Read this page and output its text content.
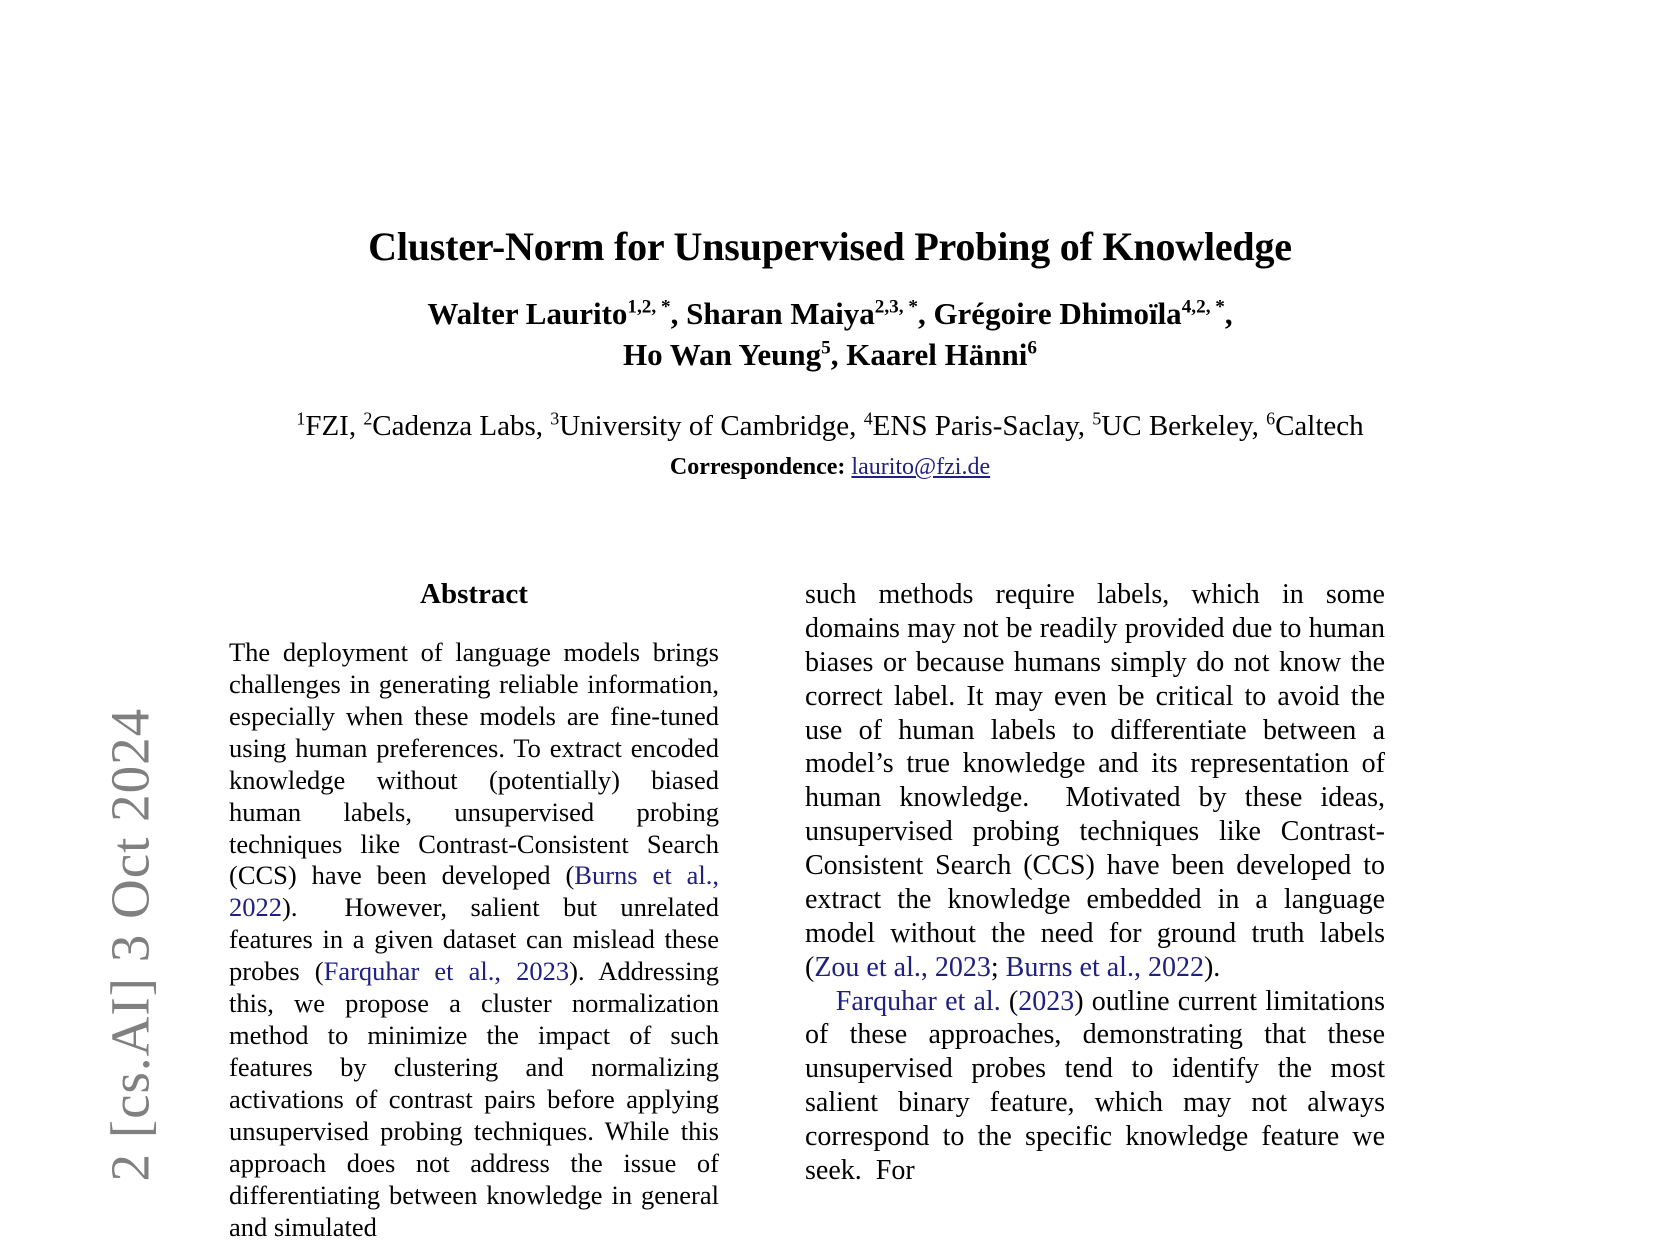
2 [cs.AI] 3 Oct 2024
Cluster-Norm for Unsupervised Probing of Knowledge
Walter Laurito$^{1,2, *}$, Sharan Maiya$^{2,3, *}$, Grégoire Dhimoïla$^{4,2, *}$,
Ho Wan Yeung$^5$, Kaarel Hänni$^6$
$^1$FZI, $^2$Cadenza Labs, $^3$University of Cambridge, $^4$ENS Paris-Saclay, $^5$UC Berkeley, $^6$Caltech
Correspondence: laurito@fzi.de
Abstract

The deployment of language models brings challenges in generating reliable information, especially when these models are fine-tuned using human preferences. To extract encoded knowledge without (potentially) biased human labels, unsupervised probing techniques like Contrast-Consistent Search (CCS) have been developed (Burns et al., 2022).  However, salient but unrelated features in a given dataset can mislead these probes (Farquhar et al., 2023). Addressing this, we propose a cluster normalization method to minimize the impact of such features by clustering and normalizing activations of contrast pairs before applying unsupervised probing techniques. While this approach does not address the issue of differentiating between knowledge in general and simulated

such methods require labels, which in some domains may not be readily provided due to human biases or because humans simply do not know the correct label. It may even be critical to avoid the use of human labels to differentiate between a model’s true knowledge and its representation of human knowledge.  Motivated by these ideas, unsupervised probing techniques like Contrast-Consistent Search (CCS) have been developed to extract the knowledge embedded in a language model without the need for ground truth labels (Zou et al., 2023; Burns et al., 2022).

Farquhar et al. (2023) outline current limitations of these approaches, demonstrating that these unsupervised probes tend to identify the most salient binary feature, which may not always correspond to the specific knowledge feature we seek.  For
